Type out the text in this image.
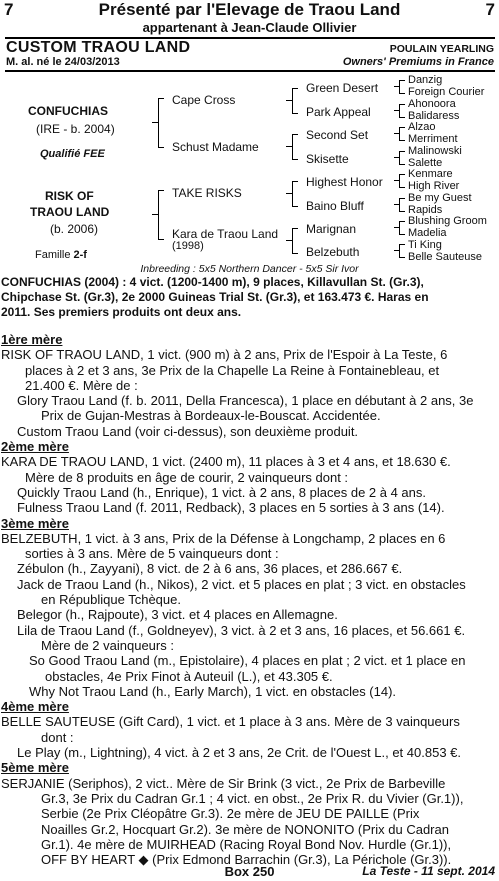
7	Présenté par l'Elevage de Traou Land	7
appartenant à Jean-Claude Ollivier
CUSTOM TRAOU LAND	POULAIN YEARLING
M. al. né le 24/03/2013	Owners' Premiums in France
CONFUCHIAS
(IRE - b. 2004)
Qualifié FEE
RISK OF
TRAOU LAND
(b. 2006)
Famille 2-f
Cape Cross
Schust Madame
TAKE RISKS
Kara de Traou Land
(1998)
Green Desert
Park Appeal
Second Set
Skisette
Highest Honor
Baino Bluff
Marignan
Belzebuth
Danzig
Foreign Courier
Ahonoora
Balidaress
Alzao
Merriment
Malinowski
Salette
Kenmare
High River
Be my Guest
Rapids
Blushing Groom
Madelia
Ti King
Belle Sauteuse
Inbreeding : 5x5 Northern Dancer - 5x5 Sir Ivor
CONFUCHIAS (2004) : 4 vict. (1200-1400 m), 9 places, Killavullan St. (Gr.3),
Chipchase St. (Gr.3), 2e 2000 Guineas Trial St. (Gr.3), et 163.473 €. Haras en
2011. Ses premiers produits ont deux ans.
1ère mère
RISK OF TRAOU LAND, 1 vict. (900 m) à 2 ans, Prix de l'Espoir à La Teste, 6
places à 2 et 3 ans, 3e Prix de la Chapelle La Reine à Fontainebleau, et
21.400 €. Mère de :
Glory Traou Land (f. b. 2011, Della Francesca), 1 place en débutant à 2 ans, 3e
Prix de Gujan-Mestras à Bordeaux-le-Bouscat. Accidentée.
Custom Traou Land (voir ci-dessus), son deuxième produit.
2ème mère
KARA DE TRAOU LAND, 1 vict. (2400 m), 11 places à 3 et 4 ans, et 18.630 €.
Mère de 8 produits en âge de courir, 2 vainqueurs dont :
Quickly Traou Land (h., Enrique), 1 vict. à 2 ans, 8 places de 2 à 4 ans.
Fulness Traou Land (f. 2011, Redback), 3 places en 5 sorties à 3 ans (14).
3ème mère
BELZEBUTH, 1 vict. à 3 ans, Prix de la Défense à Longchamp, 2 places en 6
sorties à 3 ans. Mère de 5 vainqueurs dont :
Zébulon (h., Zayyani), 8 vict. de 2 à 6 ans, 36 places, et 286.667 €.
Jack de Traou Land (h., Nikos), 2 vict. et 5 places en plat ; 3 vict. en obstacles
en République Tchèque.
Belegor (h., Rajpoute), 3 vict. et 4 places en Allemagne.
Lila de Traou Land (f., Goldneyev), 3 vict. à 2 et 3 ans, 16 places, et 56.661 €.
Mère de 2 vainqueurs :
So Good Traou Land (m., Epistolaire), 4 places en plat ; 2 vict. et 1 place en
obstacles, 4e Prix Finot à Auteuil (L.), et 43.305 €.
Why Not Traou Land (h., Early March), 1 vict. en obstacles (14).
4ème mère
BELLE SAUTEUSE (Gift Card), 1 vict. et 1 place à 3 ans. Mère de 3 vainqueurs
dont :
Le Play (m., Lightning), 4 vict. à 2 et 3 ans, 2e Crit. de l'Ouest L., et 40.853 €.
5ème mère
SERJANIE (Seriphos), 2 vict.. Mère de Sir Brink (3 vict., 2e Prix de Barbeville
Gr.3, 3e Prix du Cadran Gr.1 ; 4 vict. en obst., 2e Prix R. du Vivier (Gr.1)),
Serbie (2e Prix Cléopâtre Gr.3). 2e mère de JEU DE PAILLE (Prix
Noailles Gr.2, Hocquart Gr.2). 3e mère de NONONITO (Prix du Cadran
Gr.1). 4e mère de MUIRHEAD (Racing Royal Bond Nov. Hurdle (Gr.1)),
OFF BY HEART ◆ (Prix Edmond Barrachin (Gr.3), La Périchole (Gr.3)).
Box 250	La Teste - 11 sept. 2014
